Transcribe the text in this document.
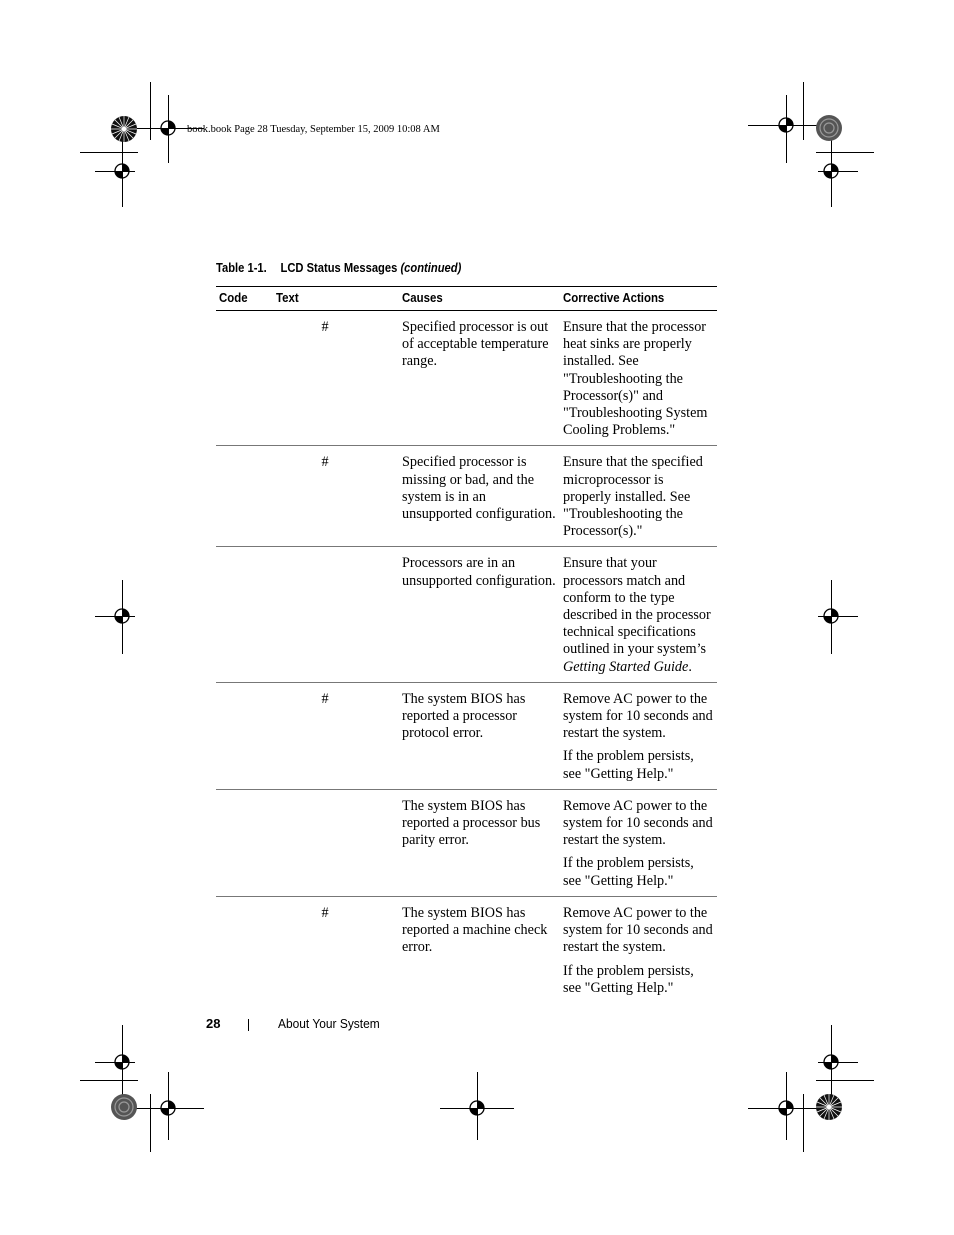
book.book Page 28 Tuesday, September 15, 2009 10:08 AM
Table 1-1. LCD Status Messages (continued)
Code	Text	Causes	Corrective Actions
	#	Specified processor is out of acceptable temperature range.	Ensure that the processor heat sinks are properly installed. See "Troubleshooting the Processor(s)" and "Troubleshooting System Cooling Problems."

	#	Specified processor is missing or bad, and the system is in an unsupported configuration.	Ensure that the specified microprocessor is properly installed. See "Troubleshooting the Processor(s)."

		Processors are in an unsupported configuration.	Ensure that your processors match and conform to the type described in the processor technical specifications outlined in your system’s Getting Started Guide.

	#	The system BIOS has reported a processor protocol error.	Remove AC power to the system for 10 seconds and restart the system.
If the problem persists, see "Getting Help."

		The system BIOS has reported a processor bus parity error.	Remove AC power to the system for 10 seconds and restart the system.
If the problem persists, see "Getting Help."

	#	The system BIOS has reported a machine check error.	Remove AC power to the system for 10 seconds and restart the system.
If the problem persists, see "Getting Help."
28	About Your System
